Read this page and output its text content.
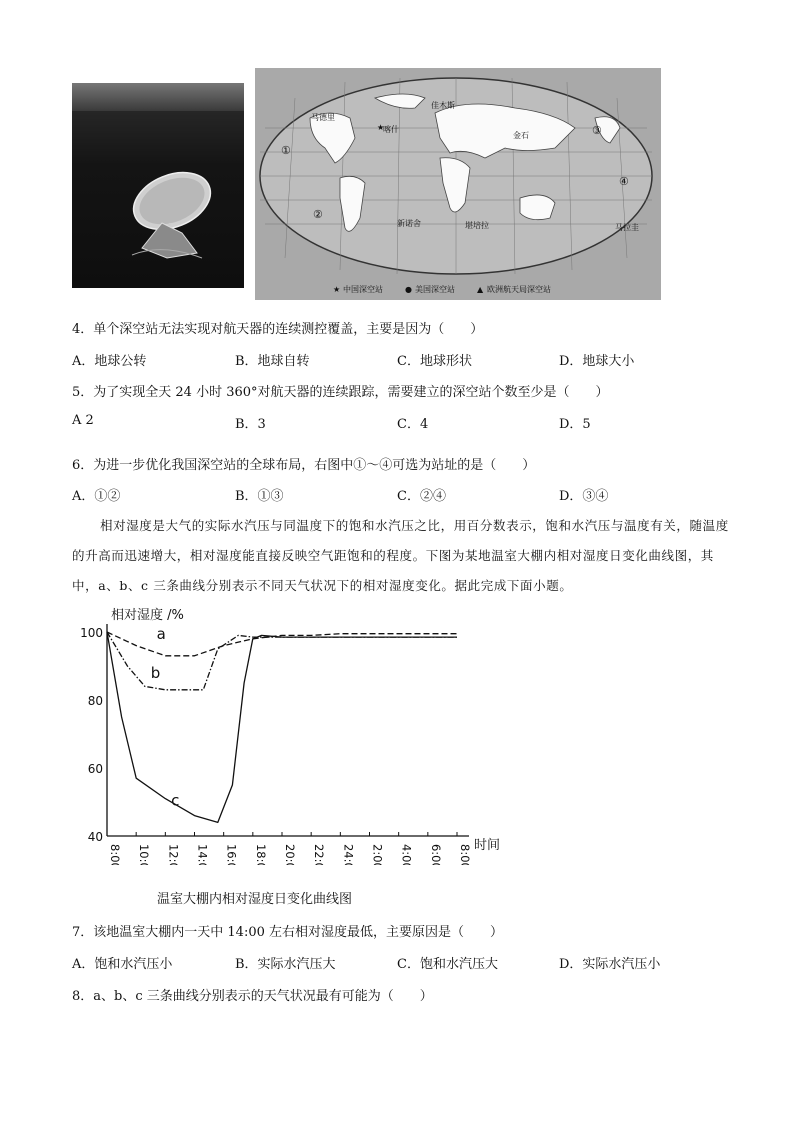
①
②
③
④
喀什
★
佳木斯
马德里
金石
堪培拉
新诺舍	马拉圭
★ 中国深空站	● 美国深空站	▲ 欧洲航天局深空站
4．单个深空站无法实现对航天器的连续测控覆盖，主要是因为（　　）
A．地球公转	B．地球自转	C．地球形状	D．地球大小
5．为了实现全天 24 小时 360°对航天器的连续跟踪，需要建立的深空站个数至少是（　　）
A 2	B．3	C．4	D．5
6．为进一步优化我国深空站的全球布局，右图中①～④可选为站址的是（　　）
A．①②	B．①③	C．②④	D．③④
相对湿度是大气的实际水汽压与同温度下的饱和水汽压之比，用百分数表示，饱和水汽压与温度有关，随温度的升高而迅速增大，相对湿度能直接反映空气距饱和的程度。下图为某地温室大棚内相对湿度日变化曲线图，其中，a、b、c 三条曲线分别表示不同天气状况下的相对湿度变化。据此完成下面小题。
相对湿度 /%
时间
100
80
60
40
8:00 10:00 12:00 14:00 16:00 18:00 20:00 22:00 24:00 2:00 4:00 6:00 8:00
a
b
c
温室大棚内相对湿度日变化曲线图
7．该地温室大棚内一天中 14:00 左右相对湿度最低，主要原因是（　　）
A．饱和水汽压小	B．实际水汽压大	C．饱和水汽压大	D．实际水汽压小
8．a、b、c 三条曲线分别表示的天气状况最有可能为（　　）
